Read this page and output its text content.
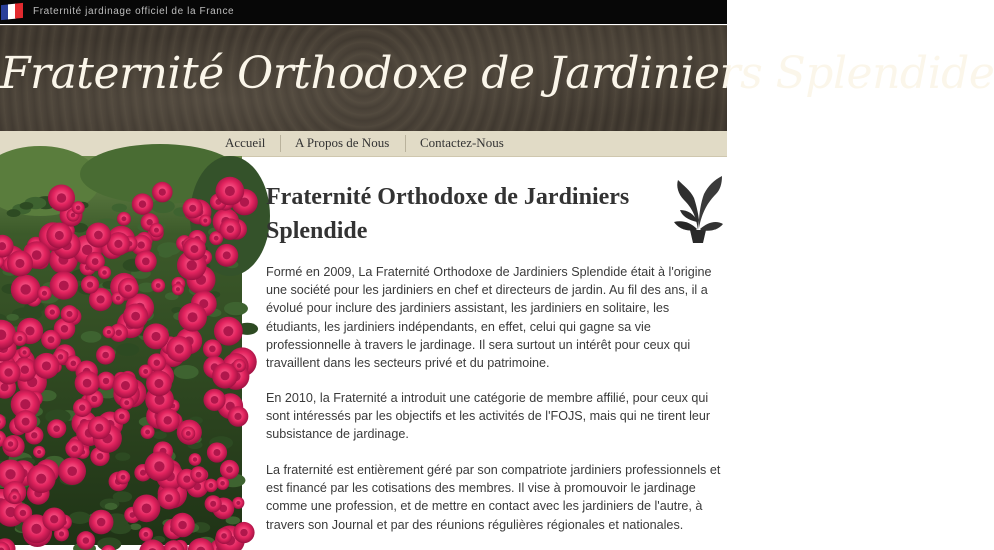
Fraternité jardinage officiel de la France
Fraternité Orthodoxe de Jardiniers Splendide
Accueil A Propos de Nous Contactez-Nous
Fraternité Orthodoxe de Jardiniers Splendide

Formé en 2009, La Fraternité Orthodoxe de Jardiniers Splendide était à l'origine une société pour les jardiniers en chef et directeurs de jardin. Au fil des ans, il a évolué pour inclure des jardiniers assistant, les jardiniers en solitaire, les étudiants, les jardiniers indépendants, en effet, celui qui gagne sa vie professionnelle à travers le jardinage. Il sera surtout un intérêt pour ceux qui travaillent dans les secteurs privé et du patrimoine.

En 2010, la Fraternité a introduit une catégorie de membre affilié, pour ceux qui sont intéressés par les objectifs et les activités de l'FOJS, mais qui ne tirent leur subsistance de jardinage.

La fraternité est entièrement géré par son compatriote jardiniers professionnels et est financé par les cotisations des membres. Il vise à promouvoir le jardinage comme une profession, et de mettre en contact avec les jardiniers de l'autre, à travers son Journal et par des réunions régulières régionales et nationales.
